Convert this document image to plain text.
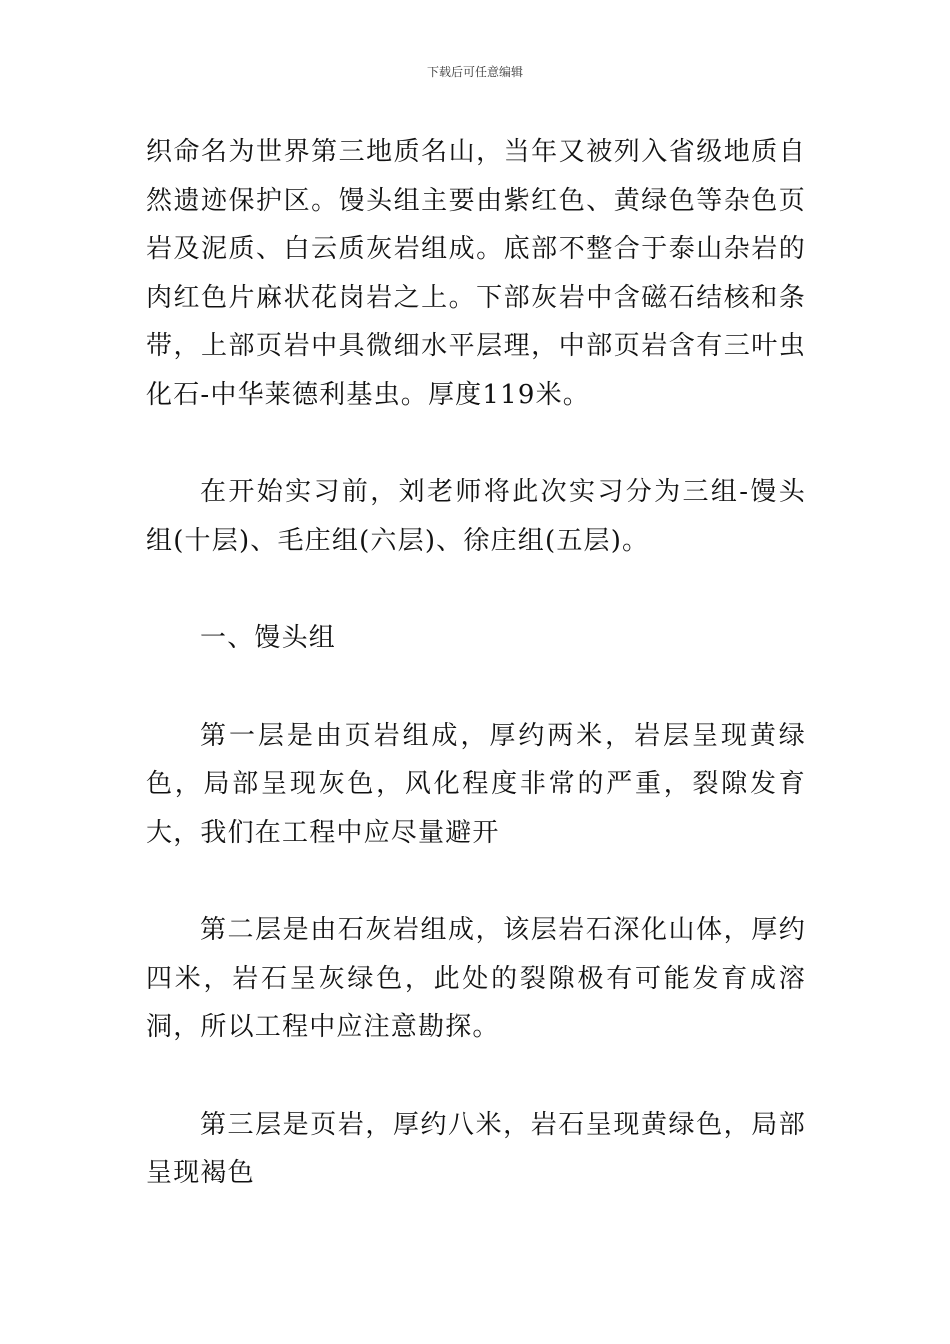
下载后可任意编辑

织命名为世界第三地质名山，当年又被列入省级地质自然遗迹保护区。馒头组主要由紫红色、黄绿色等杂色页岩及泥质、白云质灰岩组成。底部不整合于泰山杂岩的肉红色片麻状花岗岩之上。下部灰岩中含磁石结核和条带，上部页岩中具微细水平层理，中部页岩含有三叶虫化石-中华莱德利基虫。厚度119米。

在开始实习前，刘老师将此次实习分为三组-馒头组(十层)、毛庄组(六层)、徐庄组(五层)。

一、馒头组

第一层是由页岩组成，厚约两米，岩层呈现黄绿色，局部呈现灰色，风化程度非常的严重，裂隙发育大，我们在工程中应尽量避开

第二层是由石灰岩组成，该层岩石深化山体，厚约四米，岩石呈灰绿色，此处的裂隙极有可能发育成溶洞，所以工程中应注意勘探。

第三层是页岩，厚约八米，岩石呈现黄绿色，局部呈现褐色
